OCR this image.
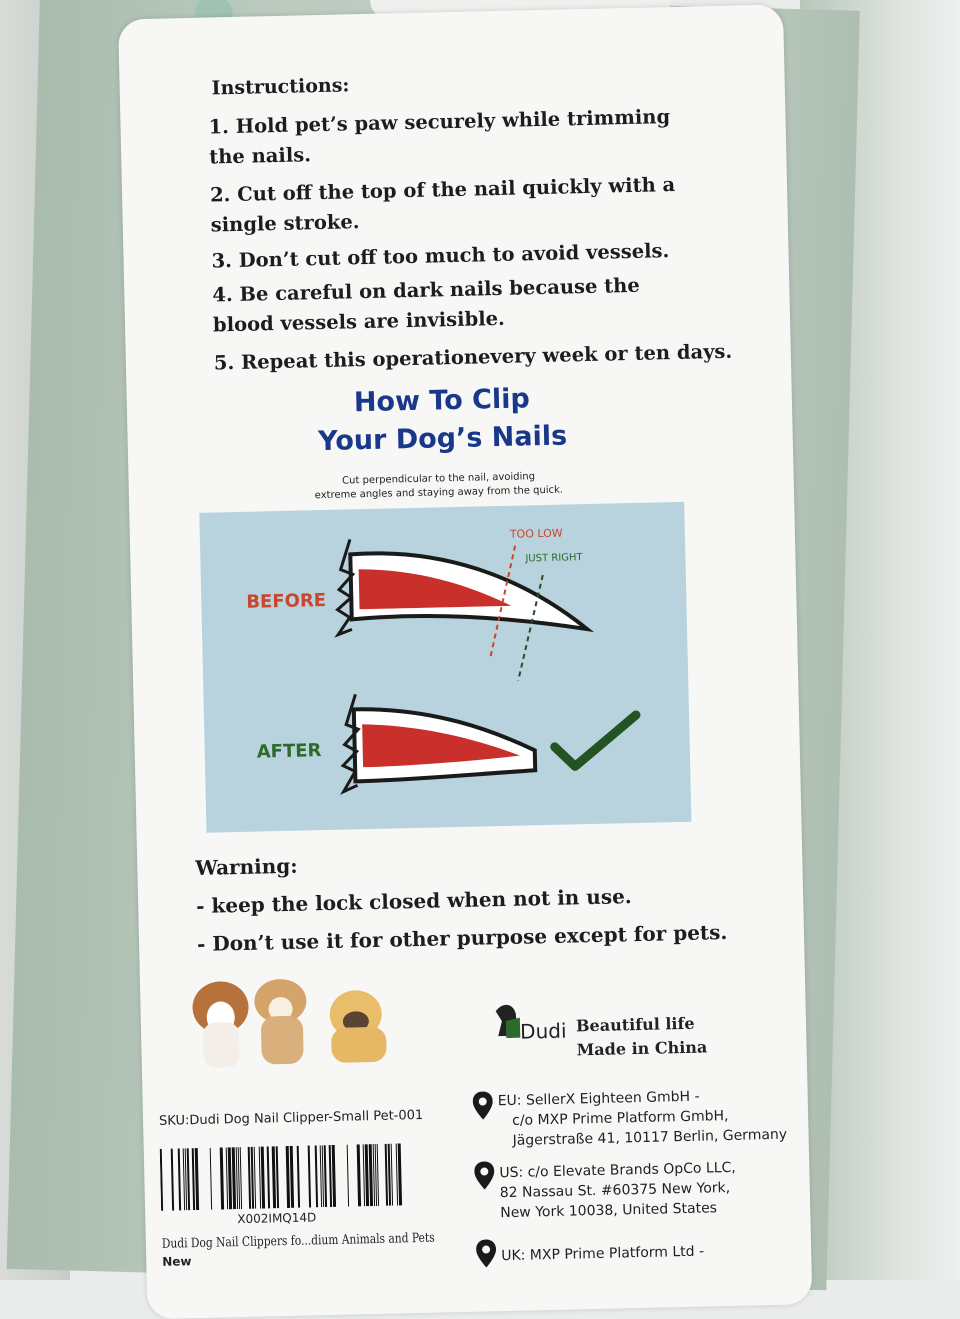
Instructions:
1. Hold pet’s paw securely while trimming the nails.
2. Cut off the top of the nail quickly with a single stroke.
3. Don’t cut off too much to avoid vessels.
4. Be careful on dark nails because the blood vessels are invisible.
5. Repeat this operationevery week or ten days.
How To Clip
Your Dog’s Nails
Cut perpendicular to the nail, avoiding
extreme angles and staying away from the quick.
BEFORE
AFTER
TOO LOW
JUST RIGHT
Warning:
- keep the lock closed when not in use.
- Don’t use it for other purpose except for pets.
Dudi Beautiful life
Made in China
SKU:Dudi Dog Nail Clipper-Small Pet-001
X002IMQ14D
Dudi Dog Nail Clippers fo...dium Animals and Pets
New
EU: SellerX Eighteen GmbH -
c/o MXP Prime Platform GmbH,
Jägerstraße 41, 10117 Berlin, Germany
US: c/o Elevate Brands OpCo LLC,
82 Nassau St. #60375 New York,
New York 10038, United States
UK: MXP Prime Platform Ltd -
